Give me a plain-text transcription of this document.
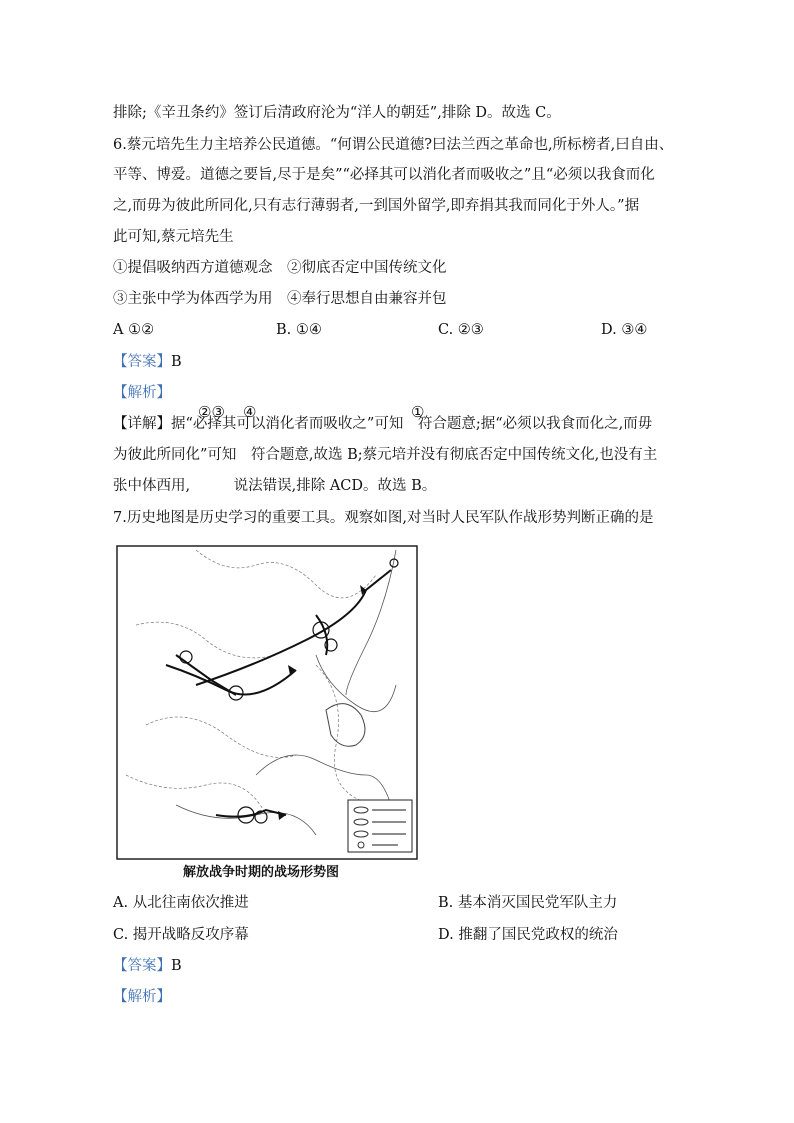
排除;《辛丑条约》签订后清政府沦为“洋人的朝廷”,排除 D。故选 C。
6.蔡元培先生力主培养公民道德。“何谓公民道德?曰法兰西之革命也,所标榜者,曰自由、
平等、博爱。道德之要旨,尽于是矣”“必择其可以消化者而吸收之”且“必须以我食而化
之,而毋为彼此所同化,只有志行薄弱者,一到国外留学,即弃捐其我而同化于外人。”据
此可知,蔡元培先生
①提倡吸纳西方道德观念　②彻底否定中国传统文化
③主张中学为体西学为用　④奉行思想自由兼容并包
A ①②	B. ①④	C. ②③	D. ③④
【答案】B
【解析】
②③ ④	①
【详解】据“必择其可以消化者而吸收之”可知　符合题意;据“必须以我食而化之,而毋
为彼此所同化”可知　符合题意,故选 B;蔡元培并没有彻底否定中国传统文化,也没有主
张中体西用,　　　说法错误,排除 ACD。故选 B。
7.历史地图是历史学习的重要工具。观察如图,对当时人民军队作战形势判断正确的是
解放战争时期的战场形势图
A. 从北往南依次推进	B. 基本消灭国民党军队主力
C. 揭开战略反攻序幕	D. 推翻了国民党政权的统治
【答案】B
【解析】
